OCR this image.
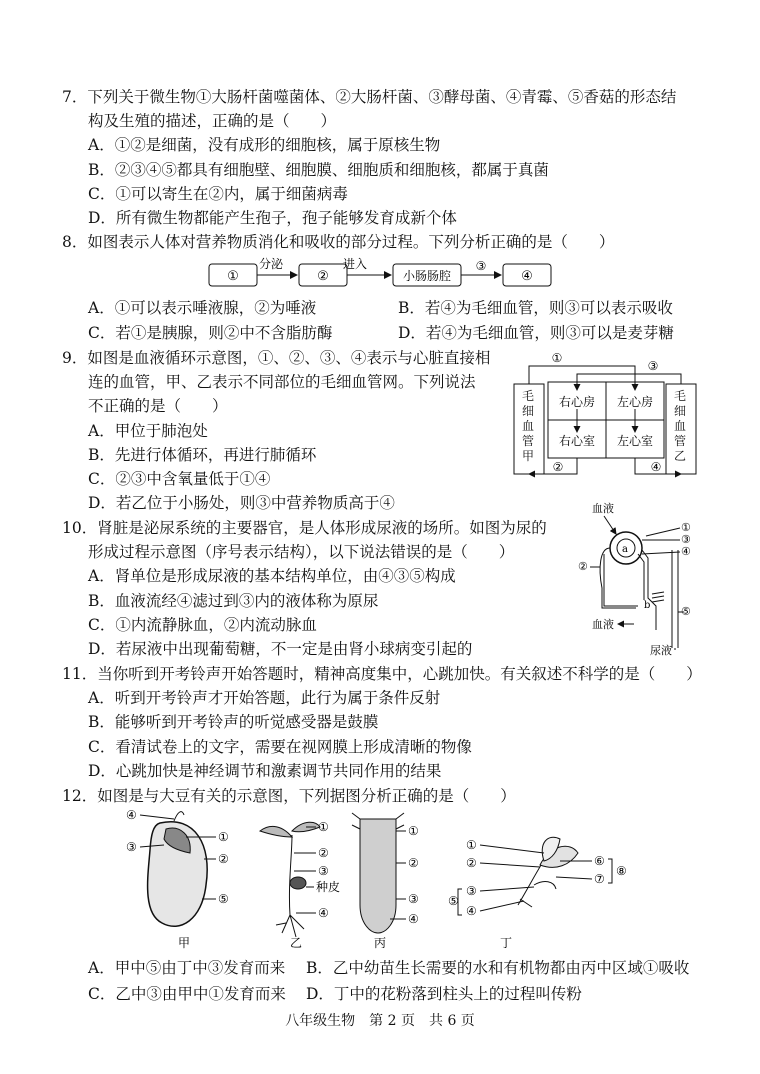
7．下列关于微生物①大肠杆菌噬菌体、②大肠杆菌、③酵母菌、④青霉、⑤香菇的形态结
构及生殖的描述，正确的是（　　）
A．①②是细菌，没有成形的细胞核，属于原核生物
B．②③④⑤都具有细胞壁、细胞膜、细胞质和细胞核，都属于真菌
C．①可以寄生在②内，属于细菌病毒
D．所有微生物都能产生孢子，孢子能够发育成新个体
8．如图表示人体对营养物质消化和吸收的部分过程。下列分析正确的是（　　）
①
分泌
②
进入
小肠肠腔
③
④
A．①可以表示唾液腺，②为唾液	B．若④为毛细血管，则③可以表示吸收
C．若①是胰腺，则②中不含脂肪酶	D．若④为毛细血管，则③可以是麦芽糖
9．如图是血液循环示意图，①、②、③、④表示与心脏直接相
连的血管，甲、乙表示不同部位的毛细血管网。下列说法
不正确的是（　　）
A．甲位于肺泡处
B．先进行体循环，再进行肺循环
C．②③中含氧量低于①④
D．若乙位于小肠处，则③中营养物质高于④
右心房 左心房
右心室 左心室
①
③
②	④
毛细血管甲
毛细血管乙
10．肾脏是泌尿系统的主要器官，是人体形成尿液的场所。如图为尿的
形成过程示意图（序号表示结构），以下说法错误的是（　　）
A．肾单位是形成尿液的基本结构单位，由④③⑤构成
B．血液流经④滤过到③内的液体称为原尿
C．①内流静脉血，②内流动脉血
D．若尿液中出现葡萄糖，不一定是由肾小球病变引起的
血液
a
b
③
④
①
⑤
②
血液
尿液
11．当你听到开考铃声开始答题时，精神高度集中，心跳加快。有关叙述不科学的是（　　）
A．听到开考铃声才开始答题，此行为属于条件反射
B．能够听到开考铃声的听觉感受器是鼓膜
C．看清试卷上的文字，需要在视网膜上形成清晰的物像
D．心跳加快是神经调节和激素调节共同作用的结果
12．如图是与大豆有关的示意图，下列据图分析正确的是（　　）
④
③
①
②
⑤
甲
①
②
③
种皮
④
乙
①
②
③
④
丙
①
②
③
④
⑤
⑥
⑦
⑧
丁
A．甲中⑤由丁中③发育而来 B．乙中幼苗生长需要的水和有机物都由丙中区域①吸收
C．乙中③由甲中①发育而来 D．丁中的花粉落到柱头上的过程叫传粉
八年级生物　第 2 页　共 6 页
